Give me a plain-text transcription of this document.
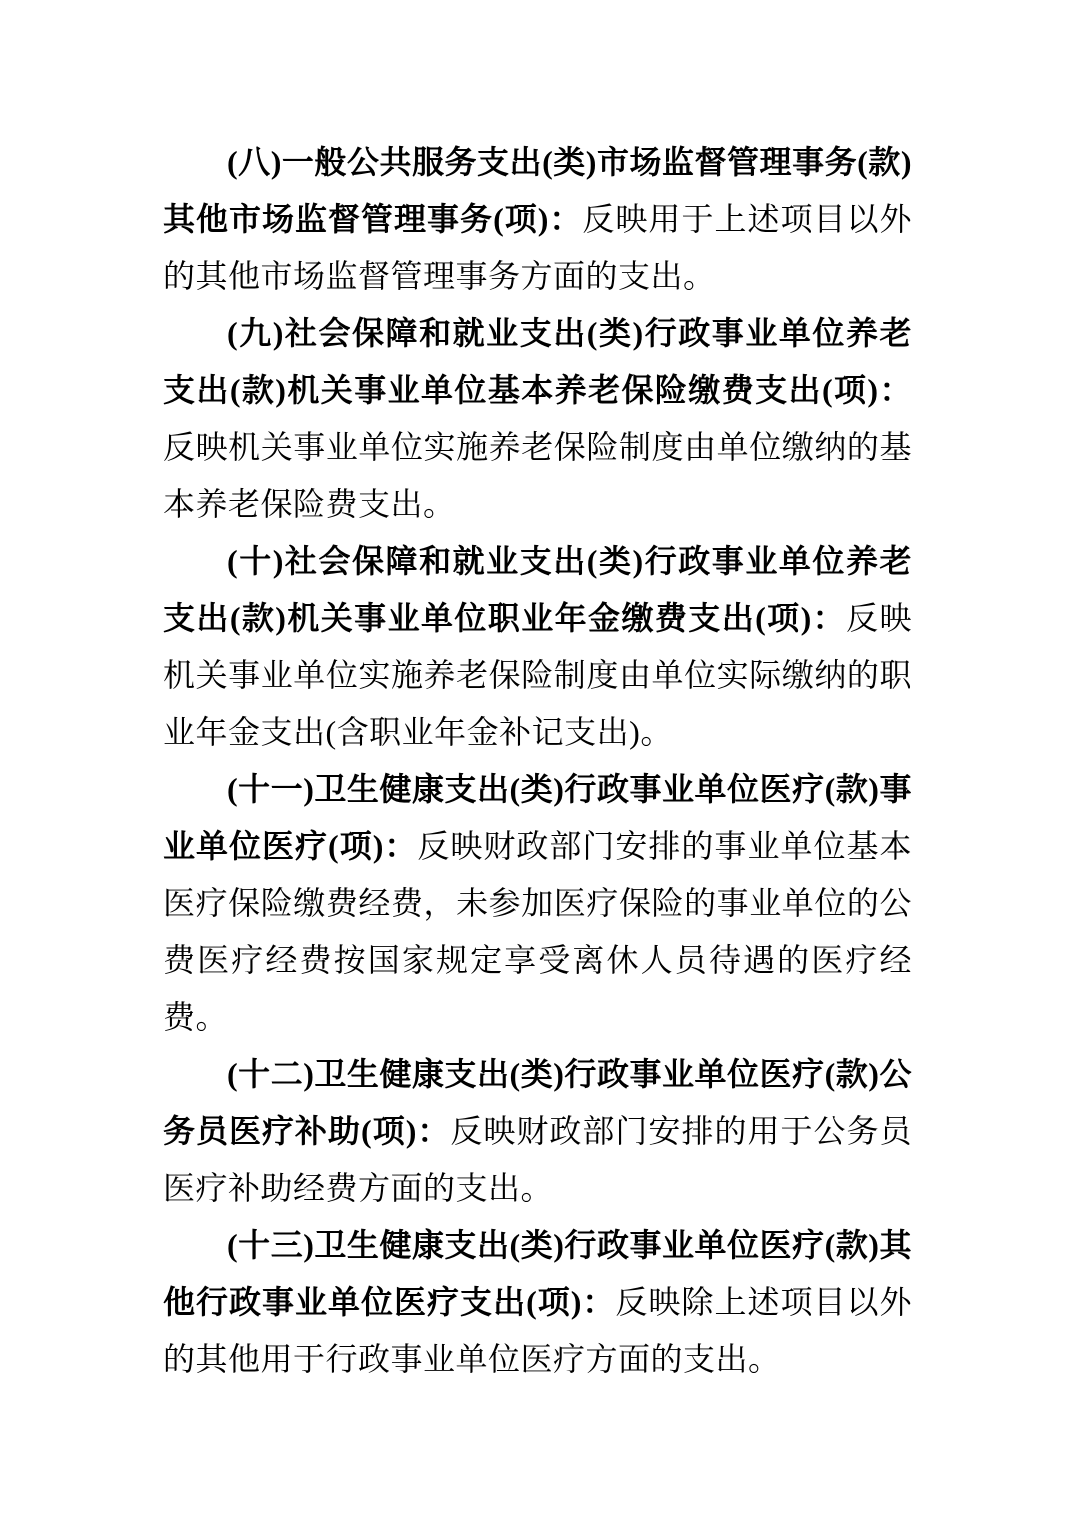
(八)一般公共服务支出(类)市场监督管理事务(款)其他市场监督管理事务(项)：反映用于上述项目以外的其他市场监督管理事务方面的支出。

(九)社会保障和就业支出(类)行政事业单位养老支出(款)机关事业单位基本养老保险缴费支出(项)：反映机关事业单位实施养老保险制度由单位缴纳的基本养老保险费支出。

(十)社会保障和就业支出(类)行政事业单位养老支出(款)机关事业单位职业年金缴费支出(项)：反映机关事业单位实施养老保险制度由单位实际缴纳的职业年金支出(含职业年金补记支出)。

(十一)卫生健康支出(类)行政事业单位医疗(款)事业单位医疗(项)：反映财政部门安排的事业单位基本医疗保险缴费经费，未参加医疗保险的事业单位的公费医疗经费按国家规定享受离休人员待遇的医疗经费。

(十二)卫生健康支出(类)行政事业单位医疗(款)公务员医疗补助(项)：反映财政部门安排的用于公务员医疗补助经费方面的支出。

(十三)卫生健康支出(类)行政事业单位医疗(款)其他行政事业单位医疗支出(项)：反映除上述项目以外的其他用于行政事业单位医疗方面的支出。
